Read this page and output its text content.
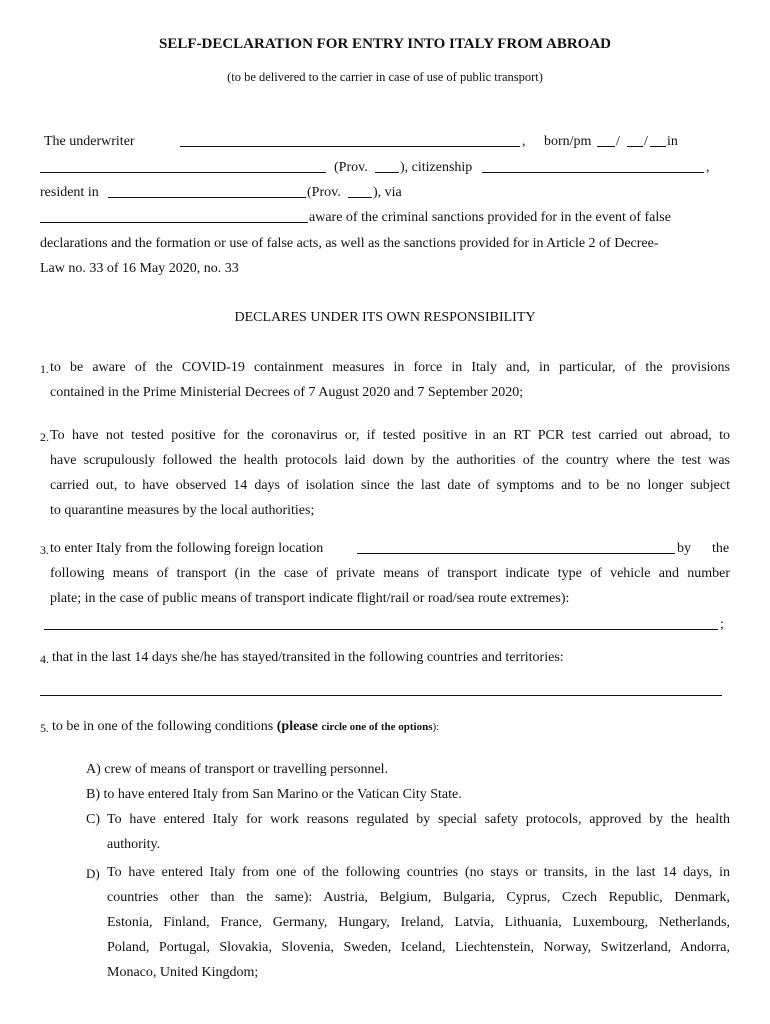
SELF-DECLARATION FOR ENTRY INTO ITALY FROM ABROAD
(to be delivered to the carrier in case of use of public transport)
The underwriter	, born/pm / / in
(Prov. ), citizenship	,
resident in	(Prov. ), via
aware of the criminal sanctions provided for in the event of false
declarations and the formation or use of false acts, as well as the sanctions provided for in Article 2 of Decree-
Law no. 33 of 16 May 2020, no. 33
DECLARES UNDER ITS OWN RESPONSIBILITY
1. to be aware of the COVID-19 containment measures in force in Italy and, in particular, of the provisions
contained in the Prime Ministerial Decrees of 7 August 2020 and 7 September 2020;
2. To have not tested positive for the coronavirus or, if tested positive in an RT PCR test carried out abroad, to
have scrupulously followed the health protocols laid down by the authorities of the country where the test was
carried out, to have observed 14 days of isolation since the last date of symptoms and to be no longer subject
to quarantine measures by the local authorities;
3. to enter Italy from the following foreign location	by the
following means of transport (in the case of private means of transport indicate type of vehicle and number
plate; in the case of public means of transport indicate flight/rail or road/sea route extremes):
;
4. that in the last 14 days she/he has stayed/transited in the following countries and territories:
5. to be in one of the following conditions (please circle one of the options):
A) crew of means of transport or travelling personnel.
B) to have entered Italy from San Marino or the Vatican City State.
C) To have entered Italy for work reasons regulated by special safety protocols, approved by the health
authority.
D) To have entered Italy from one of the following countries (no stays or transits, in the last 14 days, in
countries other than the same): Austria, Belgium, Bulgaria, Cyprus, Czech Republic, Denmark,
Estonia, Finland, France, Germany, Hungary, Ireland, Latvia, Lithuania, Luxembourg, Netherlands,
Poland, Portugal, Slovakia, Slovenia, Sweden, Iceland, Liechtenstein, Norway, Switzerland, Andorra,
Monaco, United Kingdom;
